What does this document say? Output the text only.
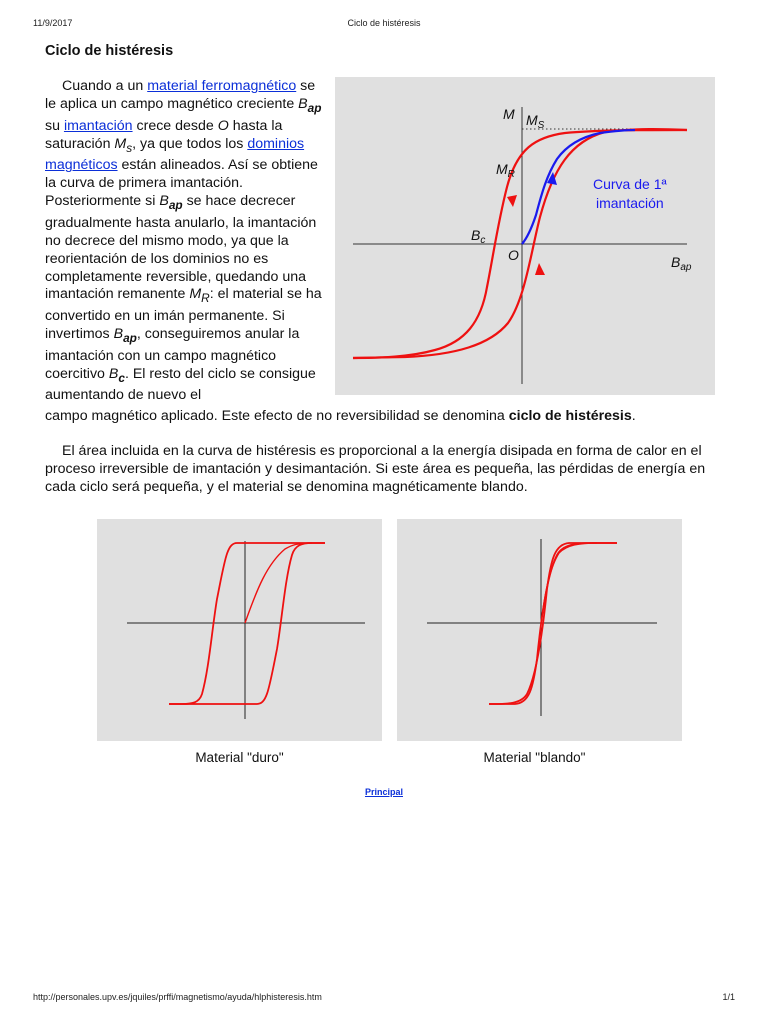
11/9/2017	Ciclo de histéresis
Ciclo de histéresis
Cuando a un material ferromagnético se le aplica un campo magnético creciente $B_{ap}$ su imantación crece desde O hasta la saturación $M_s$, ya que todos los dominios magnéticos están alineados. Así se obtiene la curva de primera imantación. Posteriormente si $B_{ap}$ se hace decrecer gradualmente hasta anularlo, la imantación no decrece del mismo modo, ya que la reorientación de los dominios no es completamente reversible, quedando una imantación remanente $M_R$: el material se ha convertido en un imán permanente. Si invertimos $B_{ap}$, conseguiremos anular la imantación con un campo magnético coercitivo $B_c$. El resto del ciclo se consigue aumentando de nuevo el
campo magnético aplicado. Este efecto de no reversibilidad se denomina ciclo de histéresis.
M $M_S$
$M_R$
$B_c$
O	$B_{ap}$
Curva de 1ª
imantación
El área incluida en la curva de histéresis es proporcional a la energía disipada en forma de calor en el proceso irreversible de imantación y desimantación. Si este área es pequeña, las pérdidas de energía en cada ciclo será pequeña, y el material se denomina magnéticamente blando.
Material "duro"	Material "blando"
Principal
http://personales.upv.es/jquiles/prffi/magnetismo/ayuda/hlphisteresis.htm	1/1
